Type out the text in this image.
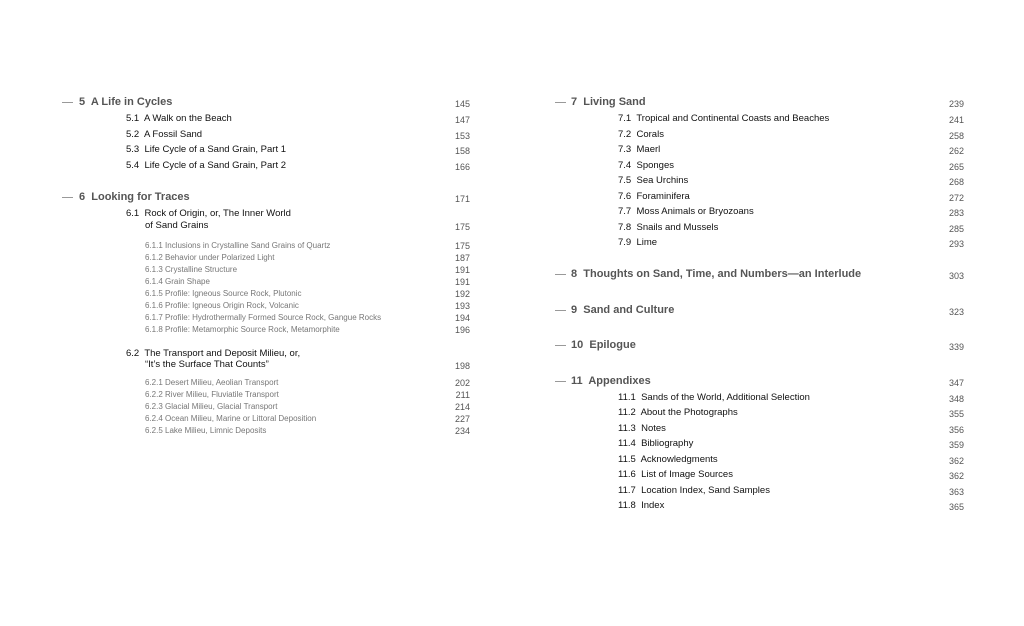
5 A Life in Cycles	145
5.1 A Walk on the Beach	147
5.2 A Fossil Sand	153
5.3 Life Cycle of a Sand Grain, Part 1	158
5.4 Life Cycle of a Sand Grain, Part 2	166
6 Looking for Traces	171
6.1 Rock of Origin, or, The Inner World
of Sand Grains	175
6.1.1 Inclusions in Crystalline Sand Grains of Quartz	175
6.1.2 Behavior under Polarized Light	187
6.1.3 Crystalline Structure	191
6.1.4 Grain Shape	191
6.1.5 Profile: Igneous Source Rock, Plutonic	192
6.1.6 Profile: Igneous Origin Rock, Volcanic	193
6.1.7 Profile: Hydrothermally Formed Source Rock, Gangue Rocks	194
6.1.8 Profile: Metamorphic Source Rock, Metamorphite	196
6.2 The Transport and Deposit Milieu, or,
“It’s the Surface That Counts”	198
6.2.1 Desert Milieu, Aeolian Transport	202
6.2.2 River Milieu, Fluviatile Transport	211
6.2.3 Glacial Milieu, Glacial Transport	214
6.2.4 Ocean Milieu, Marine or Littoral Deposition	227
6.2.5 Lake Milieu, Limnic Deposits	234
7 Living Sand	239
7.1 Tropical and Continental Coasts and Beaches	241
7.2 Corals	258
7.3 Maerl	262
7.4 Sponges	265
7.5 Sea Urchins	268
7.6 Foraminifera	272
7.7 Moss Animals or Bryozoans	283
7.8 Snails and Mussels	285
7.9 Lime	293
8 Thoughts on Sand, Time, and Numbers—an Interlude	303
9 Sand and Culture	323
10 Epilogue	339
11 Appendixes	347
11.1 Sands of the World, Additional Selection	348
11.2 About the Photographs	355
11.3 Notes	356
11.4 Bibliography	359
11.5 Acknowledgments	362
11.6 List of Image Sources	362
11.7 Location Index, Sand Samples	363
11.8 Index	365
